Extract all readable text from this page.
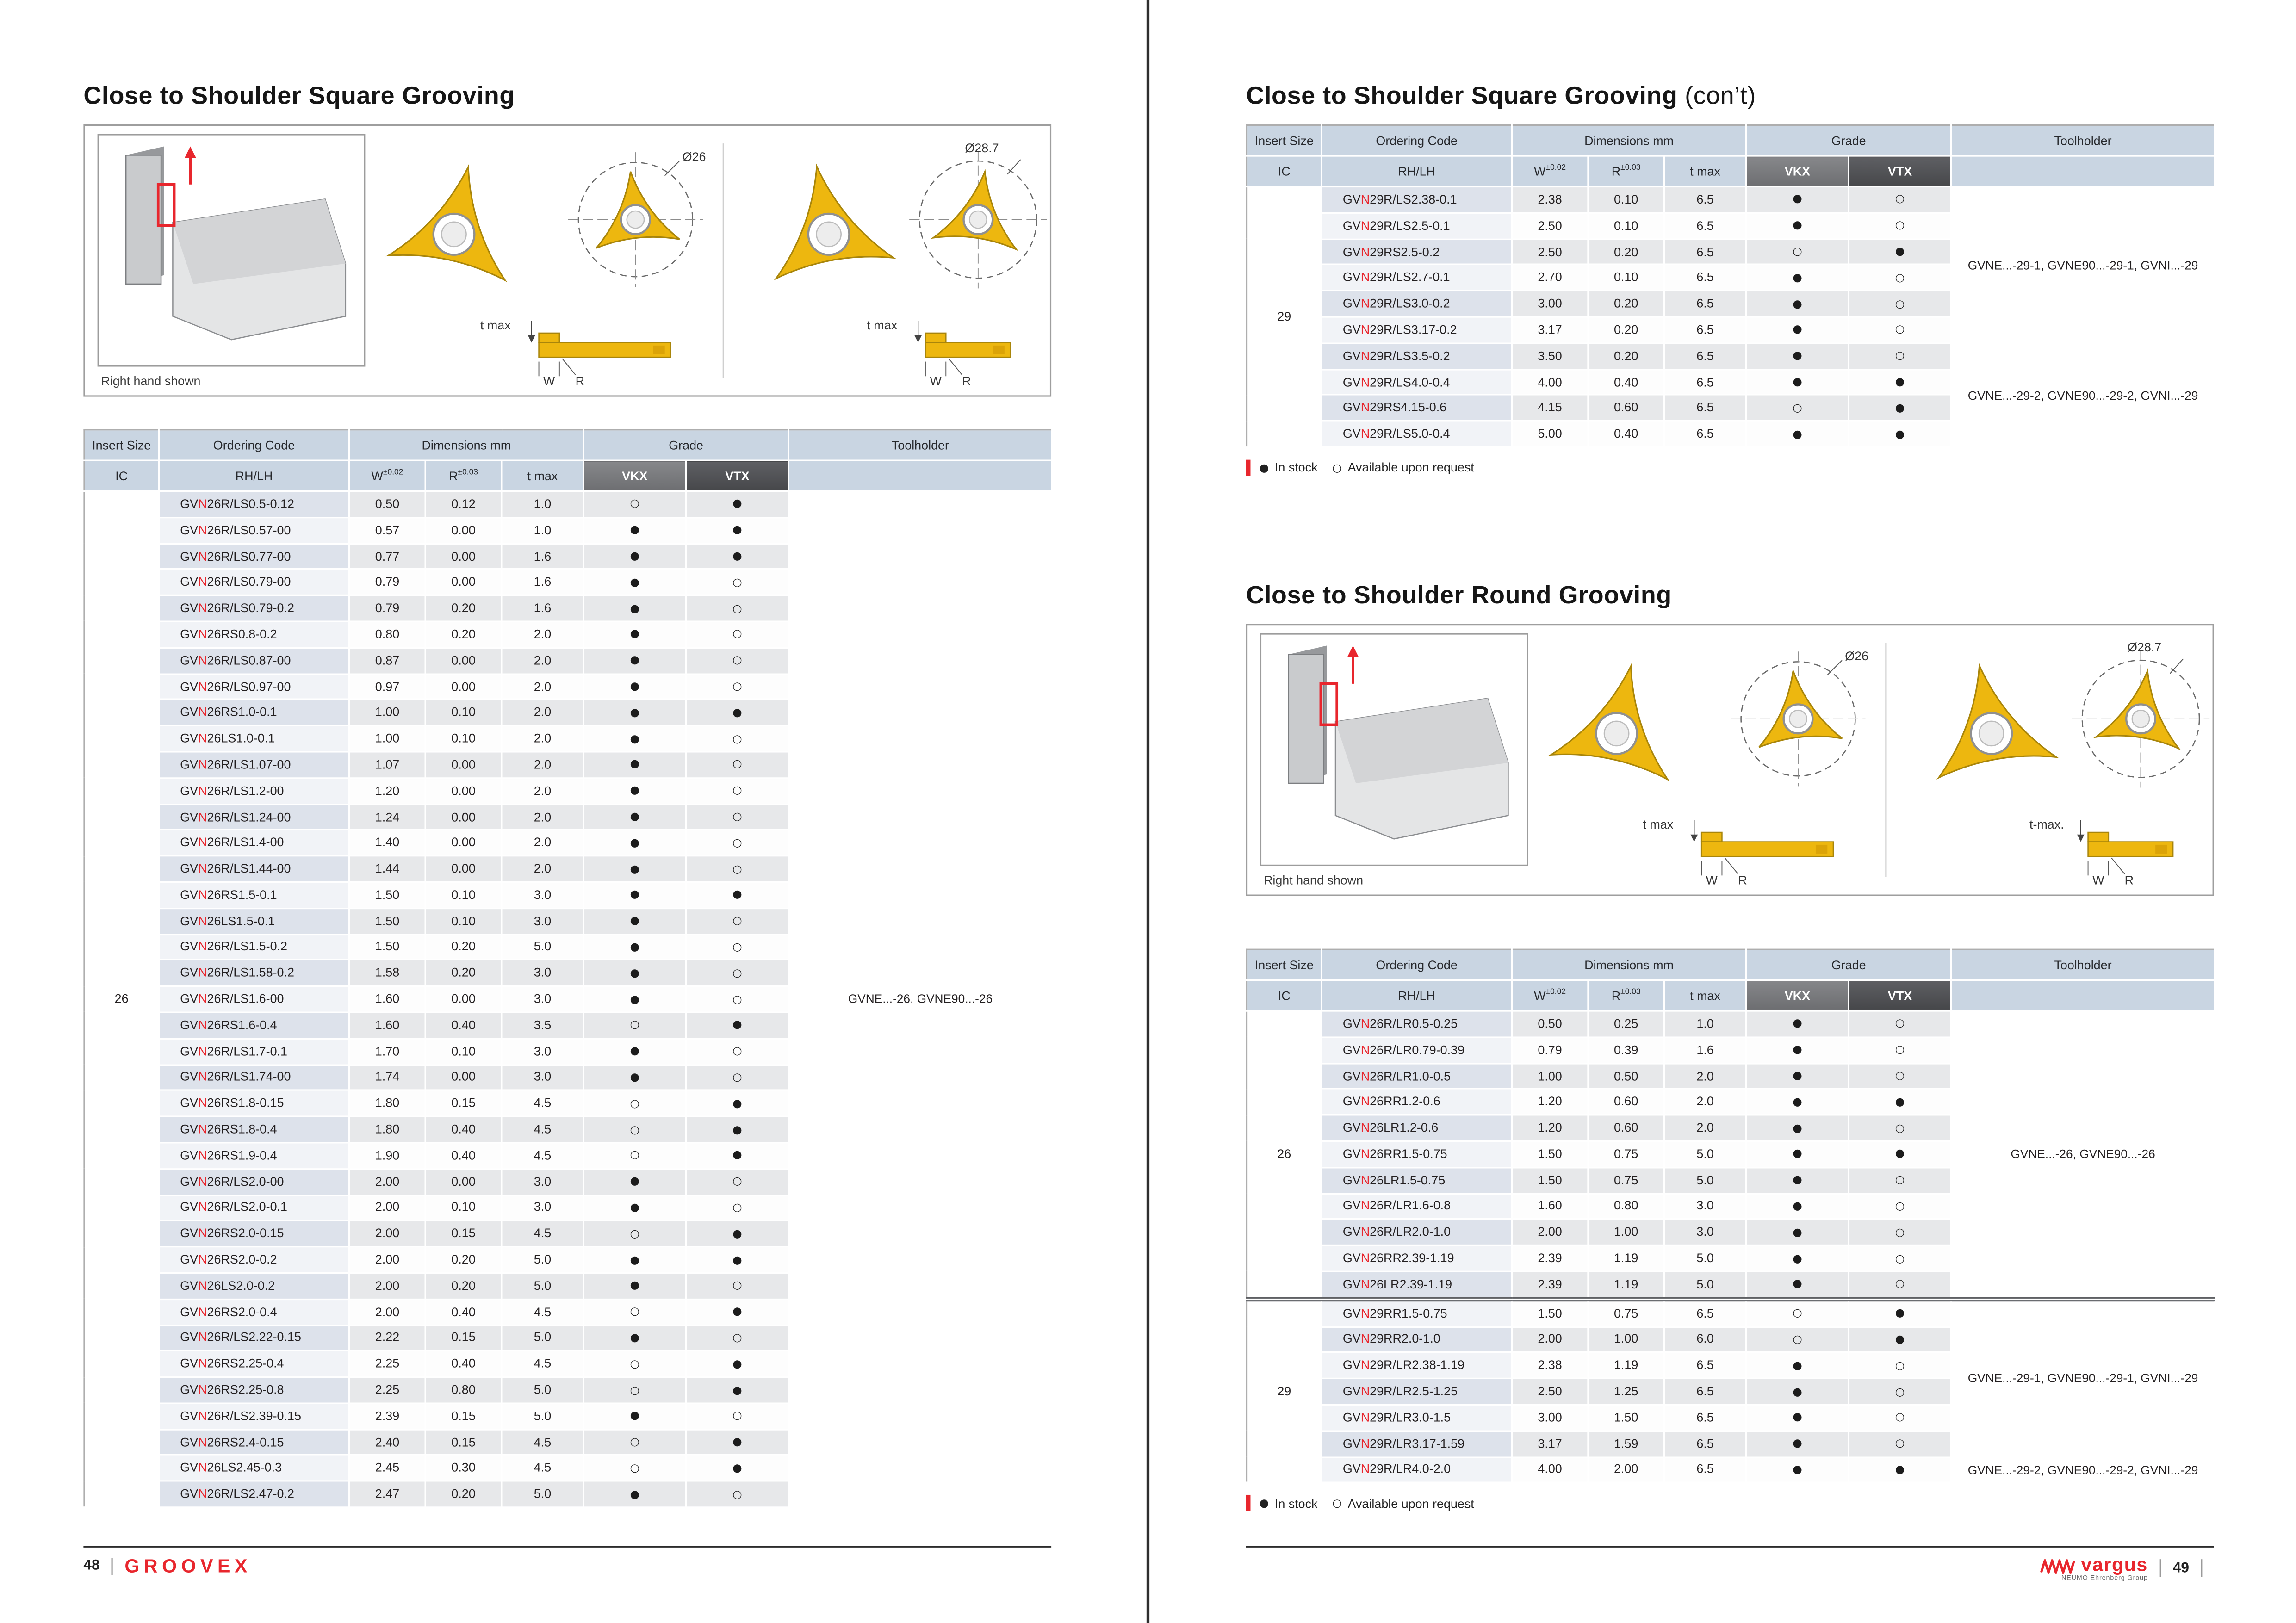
Close to Shoulder Square Grooving
Right hand shown
Ø26
t max
W	R
Ø28.7
t max
W	R
Insert Size	Ordering Code	Dimensions mm			Grade		Toolholder
IC	RH/LH	$W^{\pm 0.02}$	$R^{\pm 0.03}$	t max	VKX	VTX	
26	GVN26R/LS0.5-0.12	0.50	0.12	1.0	○	●	GVNE...-26, GVNE90...-26
	GVN26R/LS0.57-00	0.57	0.00	1.0	●	●	
	GVN26R/LS0.77-00	0.77	0.00	1.6	●	●	
	GVN26R/LS0.79-00	0.79	0.00	1.6	●	○	
	GVN26R/LS0.79-0.2	0.79	0.20	1.6	●	○	
	GVN26RS0.8-0.2	0.80	0.20	2.0	●	○	
	GVN26R/LS0.87-00	0.87	0.00	2.0	●	○	
	GVN26R/LS0.97-00	0.97	0.00	2.0	●	○	
	GVN26RS1.0-0.1	1.00	0.10	2.0	●	●	
	GVN26LS1.0-0.1	1.00	0.10	2.0	●	○	
	GVN26R/LS1.07-00	1.07	0.00	2.0	●	○	
	GVN26R/LS1.2-00	1.20	0.00	2.0	●	○	
	GVN26R/LS1.24-00	1.24	0.00	2.0	●	○	
	GVN26R/LS1.4-00	1.40	0.00	2.0	●	○	
	GVN26R/LS1.44-00	1.44	0.00	2.0	●	○	
	GVN26RS1.5-0.1	1.50	0.10	3.0	●	●	
	GVN26LS1.5-0.1	1.50	0.10	3.0	●	○	
	GVN26R/LS1.5-0.2	1.50	0.20	5.0	●	○	
	GVN26R/LS1.58-0.2	1.58	0.20	3.0	●	○	
	GVN26R/LS1.6-00	1.60	0.00	3.0	●	○	
	GVN26RS1.6-0.4	1.60	0.40	3.5	○	●	
	GVN26R/LS1.7-0.1	1.70	0.10	3.0	●	○	
	GVN26R/LS1.74-00	1.74	0.00	3.0	●	○	
	GVN26RS1.8-0.15	1.80	0.15	4.5	○	●	
	GVN26RS1.8-0.4	1.80	0.40	4.5	○	●	
	GVN26RS1.9-0.4	1.90	0.40	4.5	○	●	
	GVN26R/LS2.0-00	2.00	0.00	3.0	●	○	
	GVN26R/LS2.0-0.1	2.00	0.10	3.0	●	○	
	GVN26RS2.0-0.15	2.00	0.15	4.5	○	●	
	GVN26RS2.0-0.2	2.00	0.20	5.0	●	●	
	GVN26LS2.0-0.2	2.00	0.20	5.0	●	○	
	GVN26RS2.0-0.4	2.00	0.40	4.5	○	●	
	GVN26R/LS2.22-0.15	2.22	0.15	5.0	●	○	
	GVN26RS2.25-0.4	2.25	0.40	4.5	○	●	
	GVN26RS2.25-0.8	2.25	0.80	5.0	○	●	
	GVN26R/LS2.39-0.15	2.39	0.15	5.0	●	○	
	GVN26RS2.4-0.15	2.40	0.15	4.5	○	●	
	GVN26LS2.45-0.3	2.45	0.30	4.5	○	●	
	GVN26R/LS2.47-0.2	2.47	0.20	5.0	●	○	
Close to Shoulder Square Grooving (con’t)
Insert Size	Ordering Code	Dimensions mm			Grade		Toolholder
IC	RH/LH	$W^{\pm 0.02}$	$R^{\pm 0.03}$	t max	VKX	VTX	
29	GVN29R/LS2.38-0.1	2.38	0.10	6.5	●	○	GVNE...-29-1, GVNE90...-29-1, GVNI...-29
	GVN29R/LS2.5-0.1	2.50	0.10	6.5	●	○	
	GVN29RS2.5-0.2	2.50	0.20	6.5	○	●	
	GVN29R/LS2.7-0.1	2.70	0.10	6.5	●	○	
	GVN29R/LS3.0-0.2	3.00	0.20	6.5	●	○	
	GVN29R/LS3.17-0.2	3.17	0.20	6.5	●	○	
	GVN29R/LS3.5-0.2	3.50	0.20	6.5	●	○	GVNE...-29-2, GVNE90...-29-2, GVNI...-29
	GVN29R/LS4.0-0.4	4.00	0.40	6.5	●	●	
	GVN29RS4.15-0.6	4.15	0.60	6.5	○	●	
	GVN29R/LS5.0-0.4	5.00	0.40	6.5	●	●	
● In stock	○ Available upon request
Close to Shoulder Round Grooving
Right hand shown
Ø26
t max
W	R
Ø28.7
t-max.
W	R
Insert Size	Ordering Code	Dimensions mm			Grade		Toolholder
IC	RH/LH	$W^{\pm 0.02}$	$R^{\pm 0.03}$	t max	VKX	VTX	
26	GVN26R/LR0.5-0.25	0.50	0.25	1.0	●	○	GVNE...-26, GVNE90...-26
	GVN26R/LR0.79-0.39	0.79	0.39	1.6	●	○	
	GVN26R/LR1.0-0.5	1.00	0.50	2.0	●	○	
	GVN26RR1.2-0.6	1.20	0.60	2.0	●	●	
	GVN26LR1.2-0.6	1.20	0.60	2.0	●	○	
	GVN26RR1.5-0.75	1.50	0.75	5.0	●	●	
	GVN26LR1.5-0.75	1.50	0.75	5.0	●	○	
	GVN26R/LR1.6-0.8	1.60	0.80	3.0	●	○	
	GVN26R/LR2.0-1.0	2.00	1.00	3.0	●	○	
	GVN26RR2.39-1.19	2.39	1.19	5.0	●	○	
	GVN26LR2.39-1.19	2.39	1.19	5.0	●	○	
29	GVN29RR1.5-0.75	1.50	0.75	6.5	○	●	GVNE...-29-1, GVNE90...-29-1, GVNI...-29
	GVN29RR2.0-1.0	2.00	1.00	6.0	○	●	
	GVN29R/LR2.38-1.19	2.38	1.19	6.5	●	○	
	GVN29R/LR2.5-1.25	2.50	1.25	6.5	●	○	
	GVN29R/LR3.0-1.5	3.00	1.50	6.5	●	○	
	GVN29R/LR3.17-1.59	3.17	1.59	6.5	●	○	
	GVN29R/LR4.0-2.0	4.00	2.00	6.5	●	●	GVNE...-29-2, GVNE90...-29-2, GVNI...-29
● In stock	○ Available upon request
48	GROOVEX	vargus
NEUMO Ehrenberg Group
49
